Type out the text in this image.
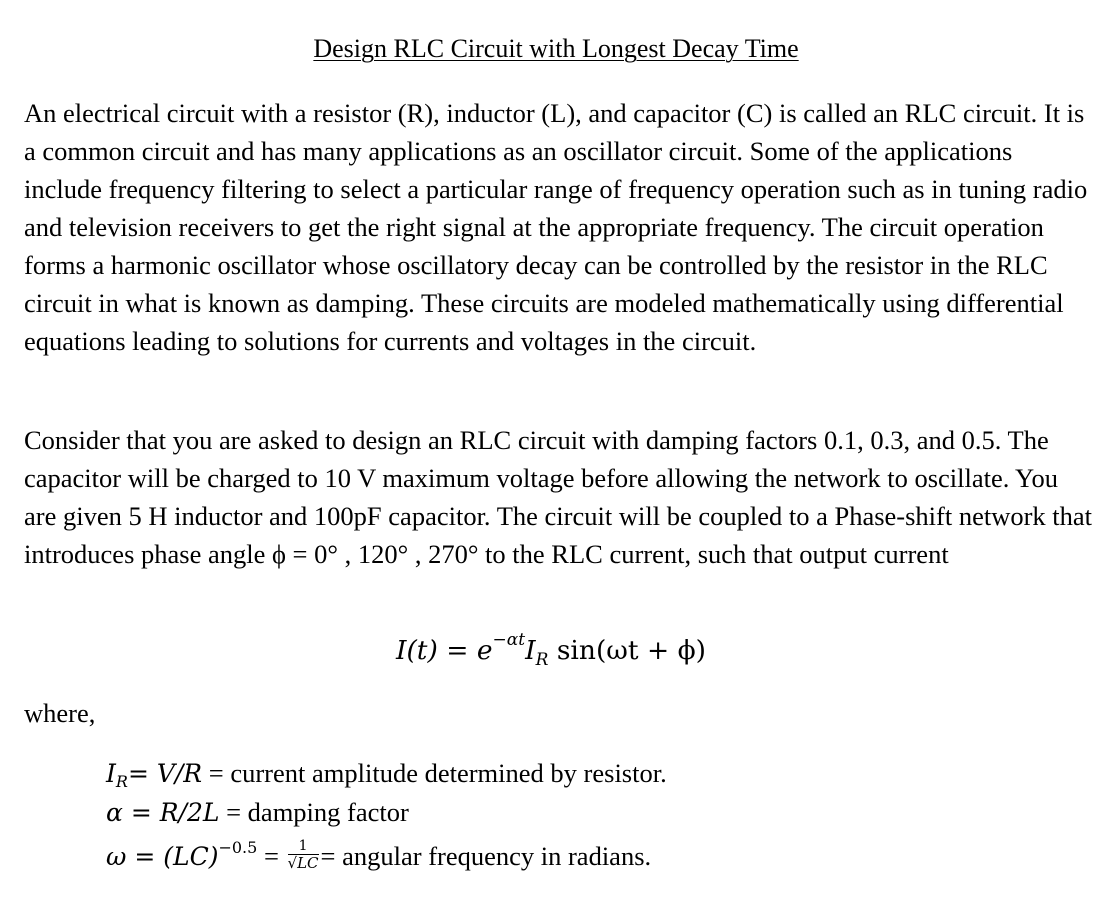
Design RLC Circuit with Longest Decay Time

An electrical circuit with a resistor (R), inductor (L), and capacitor (C) is called an RLC circuit. It is a common circuit and has many applications as an oscillator circuit. Some of the applications include frequency filtering to select a particular range of frequency operation such as in tuning radio and television receivers to get the right signal at the appropriate frequency. The circuit operation forms a harmonic oscillator whose oscillatory decay can be controlled by the resistor in the RLC circuit in what is known as damping. These circuits are modeled mathematically using differential equations leading to solutions for currents and voltages in the circuit.

Consider that you are asked to design an RLC circuit with damping factors 0.1, 0.3, and 0.5. The capacitor will be charged to 10 V maximum voltage before allowing the network to oscillate. You are given 5 H inductor and 100pF capacitor. The circuit will be coupled to a Phase-shift network that introduces phase angle ϕ = 0° , 120° , 270° to the RLC current, such that output current

$I(t) = e^{-\alpha t}I_R$ sin(ωt + ϕ)
where,
IR= V/R = current amplitude determined by resistor.
α = R/2L = damping factor
$\omega = (LC)^{-0.5} = \frac{1}{√LC}$ = angular frequency in radians.
